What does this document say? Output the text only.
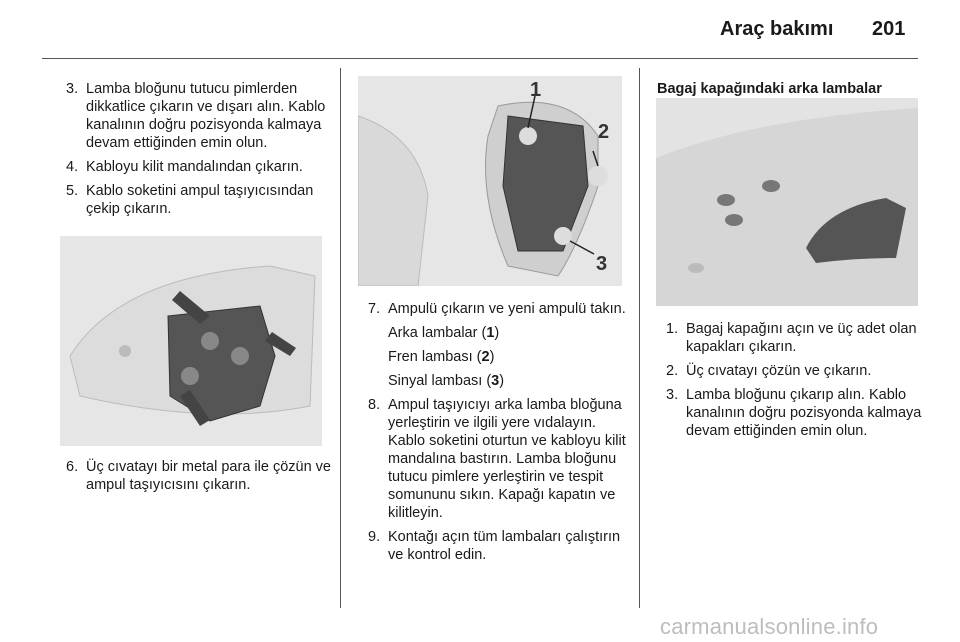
Araç bakımı 201
3. Lamba bloğunu tutucu pimlerden dikkatlice çıkarın ve dışarı alın. Kablo kanalının doğru pozisyonda kalmaya devam ettiğinden emin olun.
4. Kabloyu kilit mandalından çıkarın.
5. Kablo soketini ampul taşıyıcısından çekip çıkarın.
6. Üç cıvatayı bir metal para ile çözün ve ampul taşıyıcısını çıkarın.
1
2
3
7. Ampulü çıkarın ve yeni ampulü takın.
Arka lambalar (1)
Fren lambası (2)
Sinyal lambası (3)
8. Ampul taşıyıcıyı arka lamba bloğuna yerleştirin ve ilgili yere vıdalayın. Kablo soketini oturtun ve kabloyu kilit mandalına bastırın. Lamba bloğunu tutucu pimlere yerleştirin ve tespit somununu sıkın. Kapağı kapatın ve kilitleyin.
9. Kontağı açın tüm lambaları çalıştırın ve kontrol edin.
Bagaj kapağındaki arka lambalar
1. Bagaj kapağını açın ve üç adet olan kapakları çıkarın.
2. Üç cıvatayı çözün ve çıkarın.
3. Lamba bloğunu çıkarıp alın. Kablo kanalının doğru pozisyonda kalmaya devam ettiğinden emin olun.
carmanualsonline.info
